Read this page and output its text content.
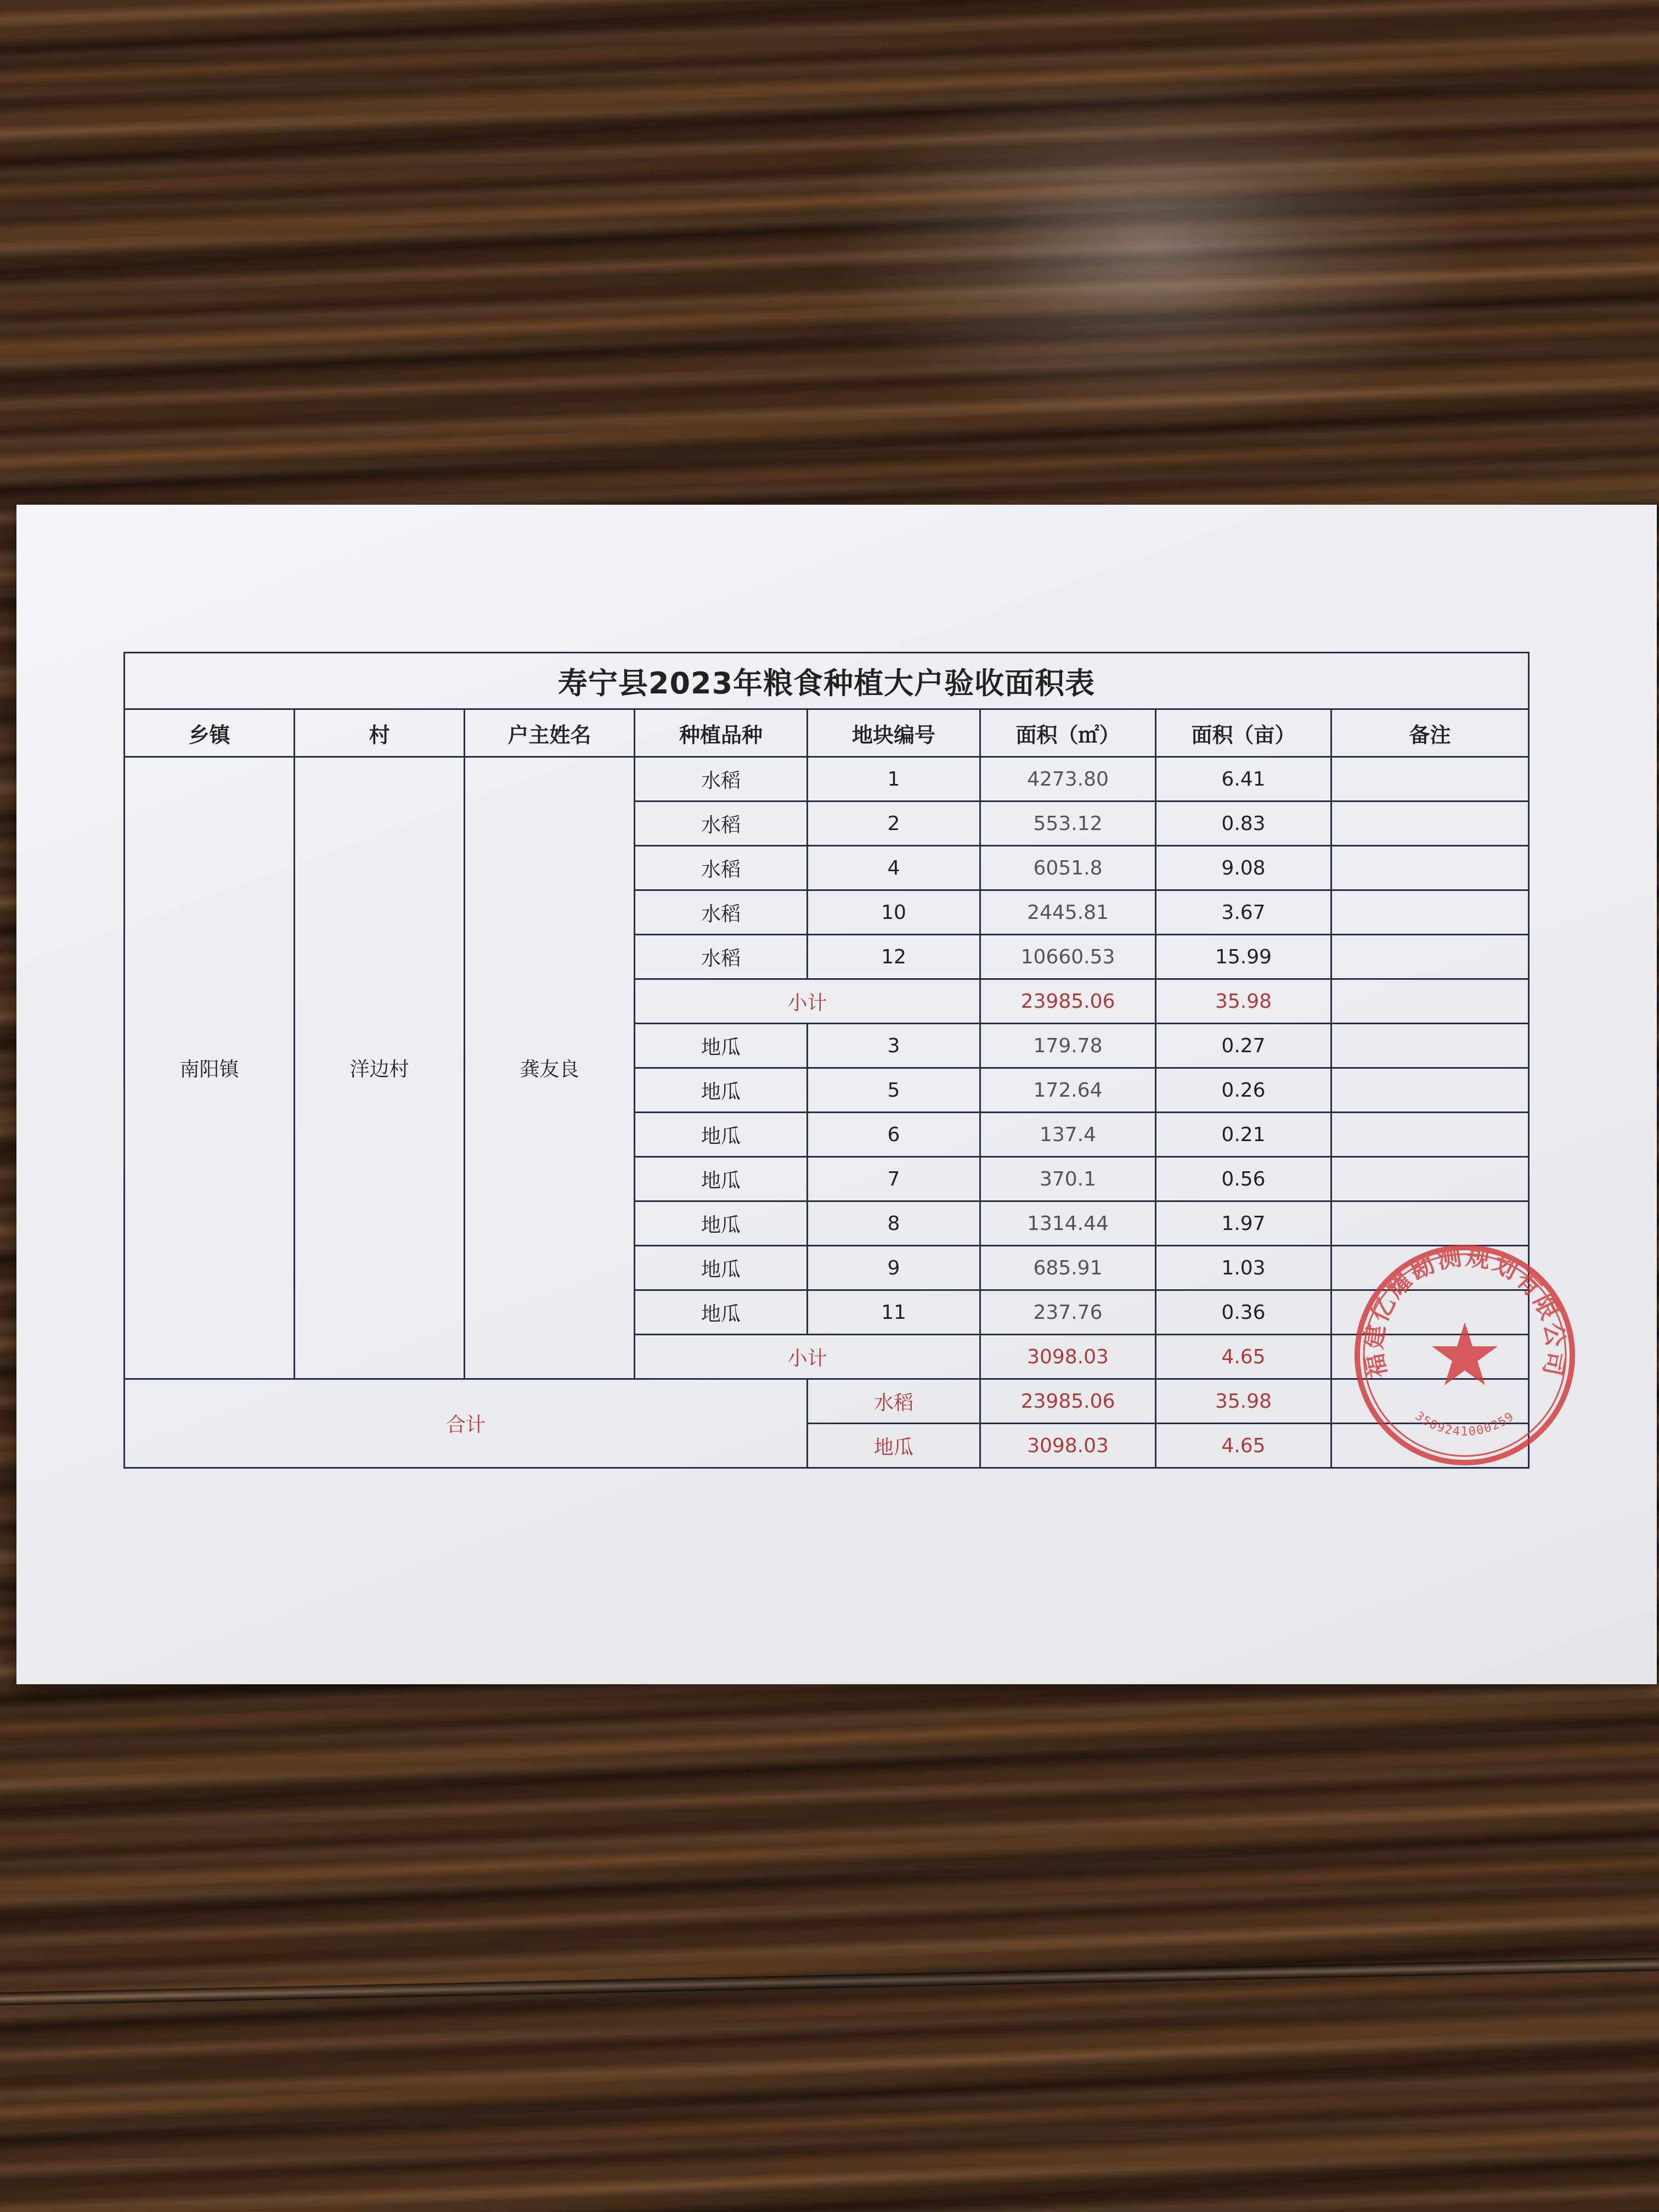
寿宁县2023年粮食种植大户验收面积表							
乡镇	村	户主姓名	种植品种	地块编号	面积（㎡）	面积（亩）	备注
南阳镇	洋边村	龚友良	水稻	1	4273.80	6.41	
			水稻	2	553.12	0.83	
			水稻	4	6051.8	9.08	
			水稻	10	2445.81	3.67	
			水稻	12	10660.53	15.99	
			小计		23985.06	35.98	
			地瓜	3	179.78	0.27	
			地瓜	5	172.64	0.26	
			地瓜	6	137.4	0.21	
			地瓜	7	370.1	0.56	
			地瓜	8	1314.44	1.97	
			地瓜	9	685.91	1.03	
			地瓜	11	237.76	0.36	
			小计		3098.03	4.65	
合计				水稻	23985.06	35.98	
				地瓜	3098.03	4.65	
福建亿耀勘测规划有限公司
3509241000259
